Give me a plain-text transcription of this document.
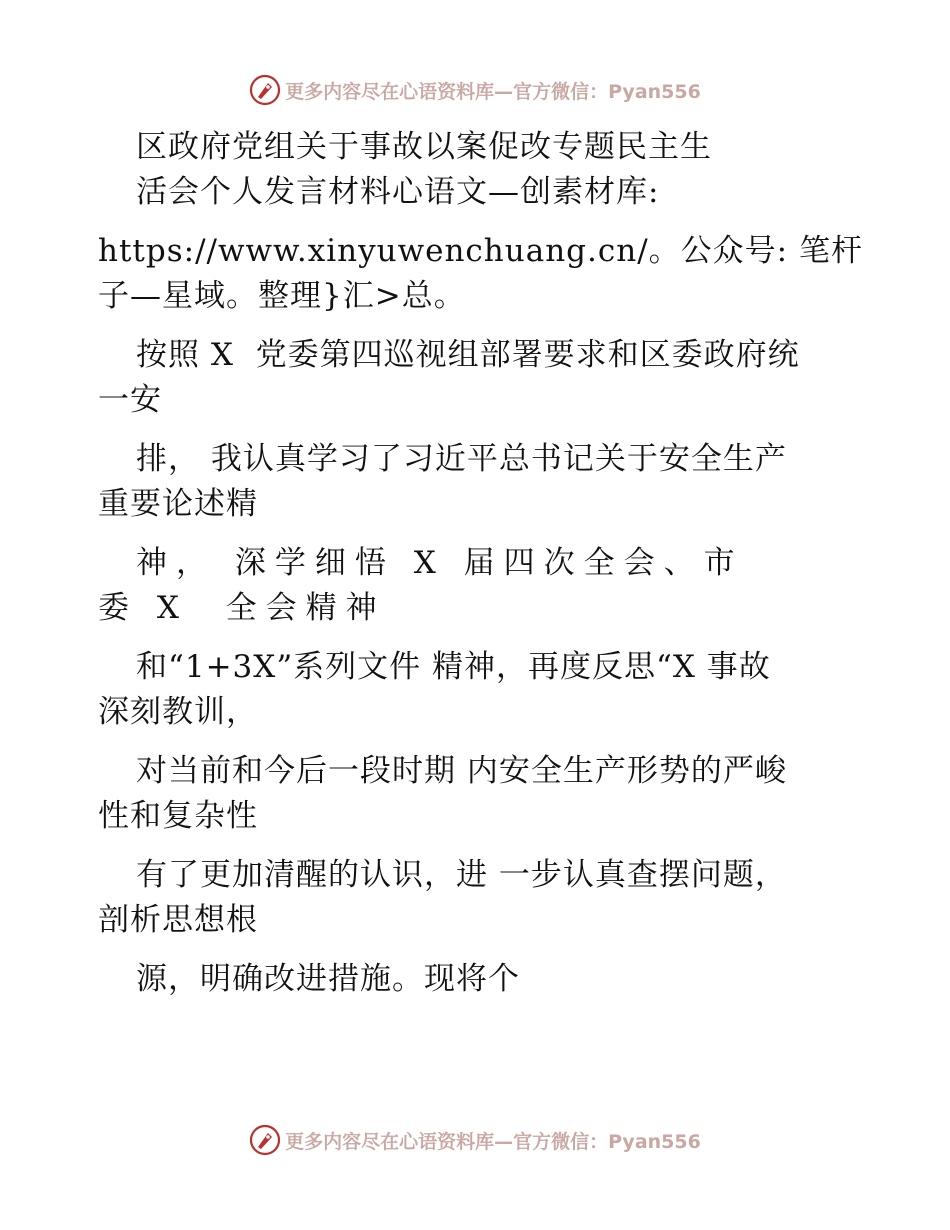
更多内容尽在心语资料库—官方微信：Pyan556
区政府党组关于事故以案促改专题民主生
活会个人发言材料心语文—创素材库:
https://www.xinyuwenchuang.cn/。公众号: 笔杆
子—星域。整理}汇>总。
按照 X  党委第四巡视组部署要求和区委政府统
一安
排， 我认真学习了习近平总书记关于安全生产
重要论述精
神， 深学细悟 X 届四次全会、市
委 X  全会精神
和“1+3X”系列文件 精神，再度反思“X 事故
深刻教训，
对当前和今后一段时期 内安全生产形势的严峻
性和复杂性
有了更加清醒的认识，进 一步认真查摆问题，
剖析思想根
源，明确改进措施。现将个
更多内容尽在心语资料库—官方微信：Pyan556
